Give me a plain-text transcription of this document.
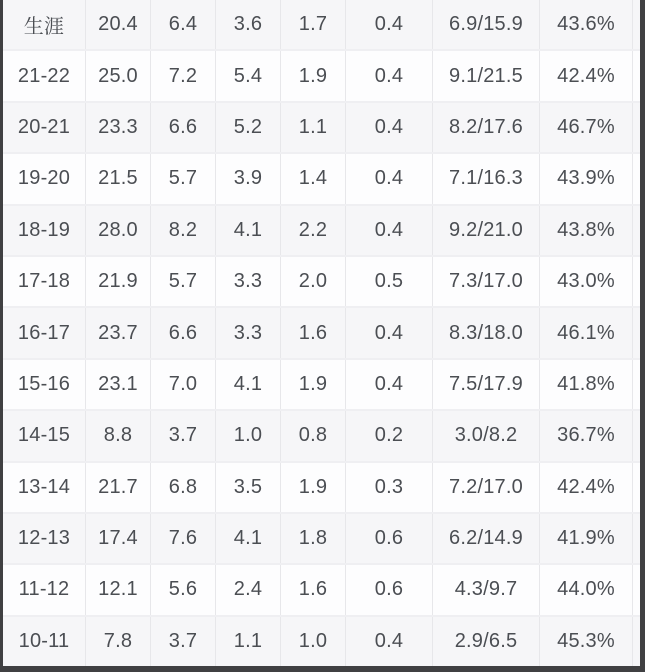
生涯	20.4	6.4	3.6	1.7	0.4	6.9/15.9	43.6%
21-22	25.0	7.2	5.4	1.9	0.4	9.1/21.5	42.4%
20-21	23.3	6.6	5.2	1.1	0.4	8.2/17.6	46.7%
19-20	21.5	5.7	3.9	1.4	0.4	7.1/16.3	43.9%
18-19	28.0	8.2	4.1	2.2	0.4	9.2/21.0	43.8%
17-18	21.9	5.7	3.3	2.0	0.5	7.3/17.0	43.0%
16-17	23.7	6.6	3.3	1.6	0.4	8.3/18.0	46.1%
15-16	23.1	7.0	4.1	1.9	0.4	7.5/17.9	41.8%
14-15	8.8	3.7	1.0	0.8	0.2	3.0/8.2	36.7%
13-14	21.7	6.8	3.5	1.9	0.3	7.2/17.0	42.4%
12-13	17.4	7.6	4.1	1.8	0.6	6.2/14.9	41.9%
11-12	12.1	5.6	2.4	1.6	0.6	4.3/9.7	44.0%
10-11	7.8	3.7	1.1	1.0	0.4	2.9/6.5	45.3%
